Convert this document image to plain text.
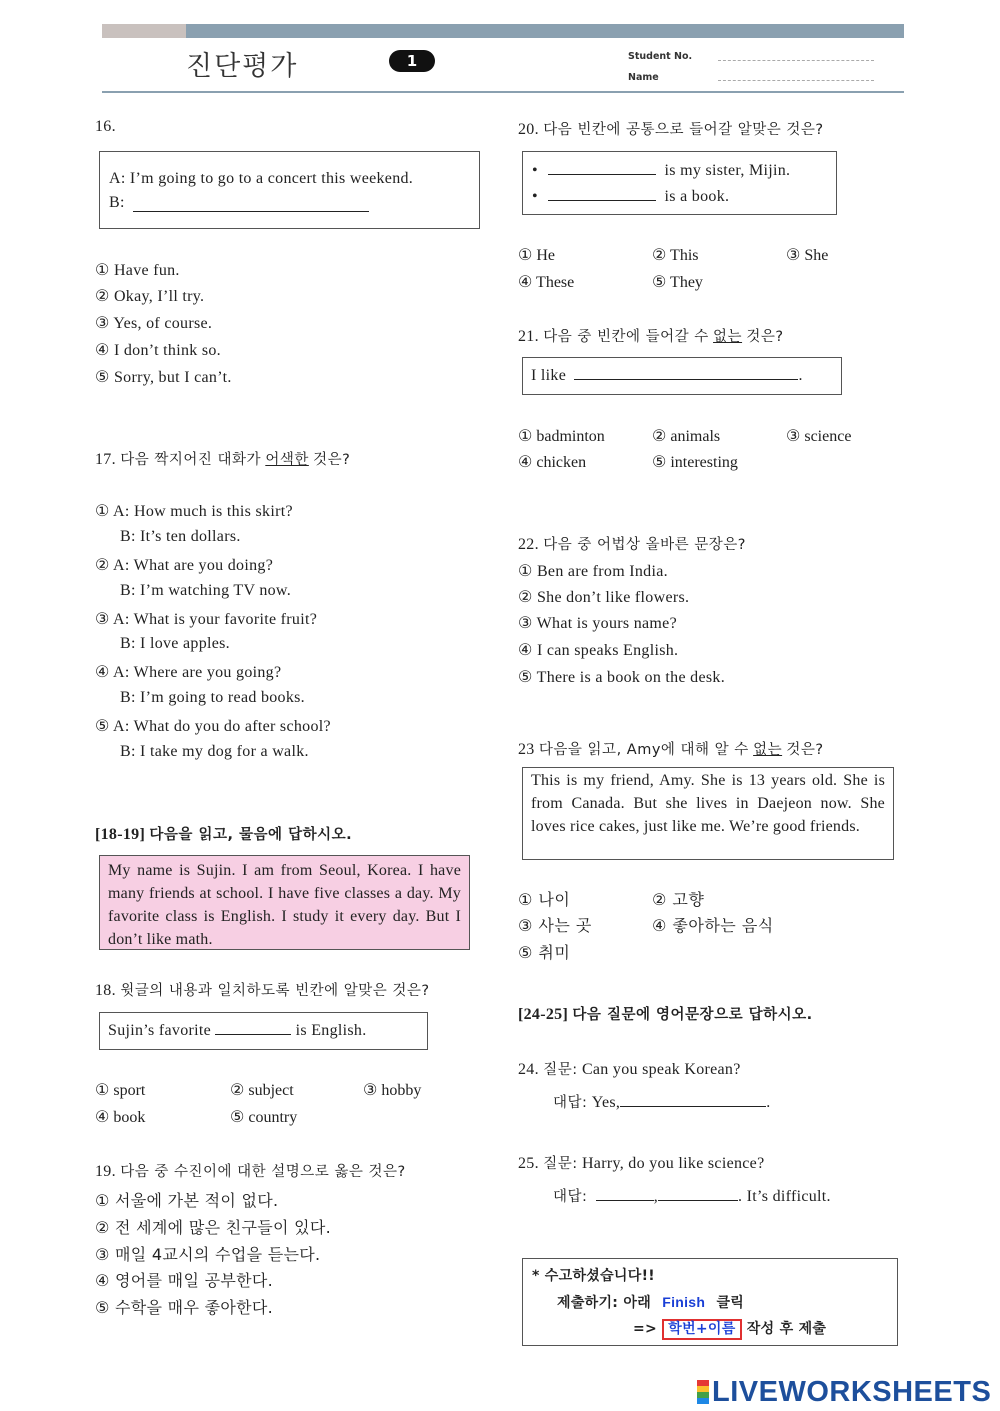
진단평가	1	Student No.
Name
16.
A: I’m going to go to a concert this weekend.
B:
① Have fun.
② Okay, I’ll try.
③ Yes, of course.
④ I don’t think so.
⑤ Sorry, but I can’t.
17. 다음 짝지어진 대화가 어색한 것은?
① A: How much is this skirt?
B: It’s ten dollars.
② A: What are you doing?
B: I’m watching TV now.
③ A: What is your favorite fruit?
B: I love apples.
④ A: Where are you going?
B: I’m going to read books.
⑤ A: What do you do after school?
B: I take my dog for a walk.
[18-19] 다음을 읽고, 물음에 답하시오.
My name is Sujin. I am from Seoul, Korea. I have many friends at school. I have five classes a day. My favorite class is English. I study it every day. But I don’t like math.
18. 윗글의 내용과 일치하도록 빈칸에 알맞은 것은?
Sujin’s favorite	is English.
① sport	② subject	③ hobby
④ book	⑤ country
19. 다음 중 수진이에 대한 설명으로 옳은 것은?
① 서울에 가본 적이 없다.
② 전 세계에 많은 친구들이 있다.
③ 매일 4교시의 수업을 듣는다.
④ 영어를 매일 공부한다.
⑤ 수학을 매우 좋아한다.
20. 다음 빈칸에 공통으로 들어갈 알맞은 것은?
•	is my sister, Mijin.
•	is a book.
① He	② This	③ She
④ These	⑤ They
21. 다음 중 빈칸에 들어갈 수 없는 것은?
I like	.
① badminton	② animals	③ science
④ chicken	⑤ interesting
22. 다음 중 어법상 올바른 문장은?
① Ben are from India.
② She don’t like flowers.
③ What is yours name?
④ I can speaks English.
⑤ There is a book on the desk.
23 다음을 읽고, Amy에 대해 알 수 없는 것은?
This is my friend, Amy. She is 13 years old. She is from Canada. But she lives in Daejeon now. She loves rice cakes, just like me. We’re good friends.
① 나이	② 고향
③ 사는 곳	④ 좋아하는 음식
⑤ 취미
[24-25] 다음 질문에 영어문장으로 답하시오.
24. 질문: Can you speak Korean?
대답: Yes,	.
25. 질문: Harry, do you like science?
대답:	,	. It’s difficult.
* 수고하셨습니다!!
제출하기: 아래 Finish 클릭
=> 학번+이름 작성 후 제출
LIVEWORKSHEETS
